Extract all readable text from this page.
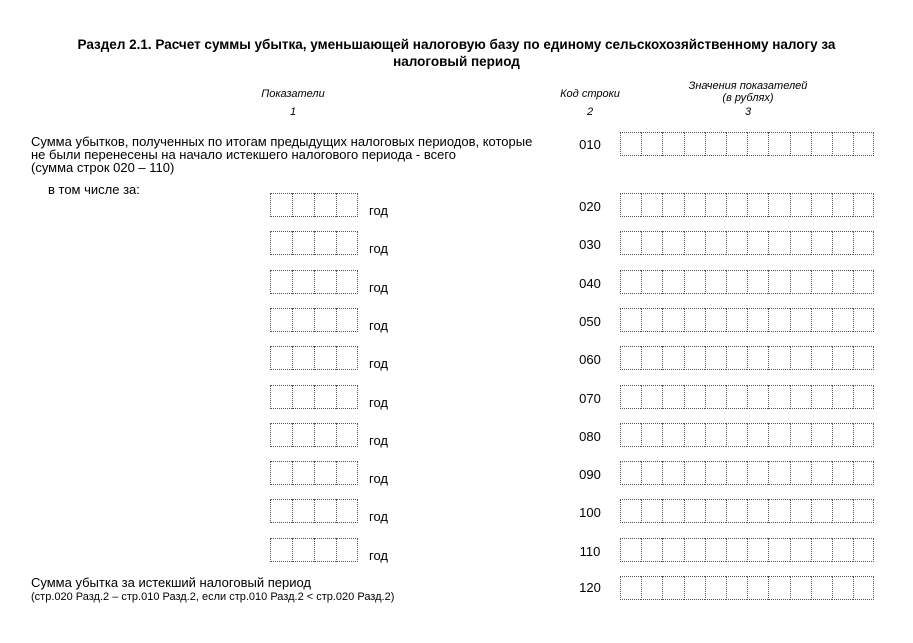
Раздел 2.1. Расчет суммы убытка, уменьшающей налоговую базу по единому сельскохозяйственному налогу за
налоговый период
Показатели
1
Код строки
2
Значения показателей
(в рублях)
3
Сумма убытков, полученных по итогам предыдущих налоговых периодов, которые
не были перенесены на начало истекшего налогового периода - всего
(сумма строк 020 – 110)
010
в том числе за:
год	020
год	030
год	040
год	050
год	060
год	070
год	080
год	090
год	100
год	110
Сумма убытка за истекший налоговый период
(стр.020 Разд.2 – стр.010 Разд.2, если стр.010 Разд.2 < стр.020 Разд.2)
120
